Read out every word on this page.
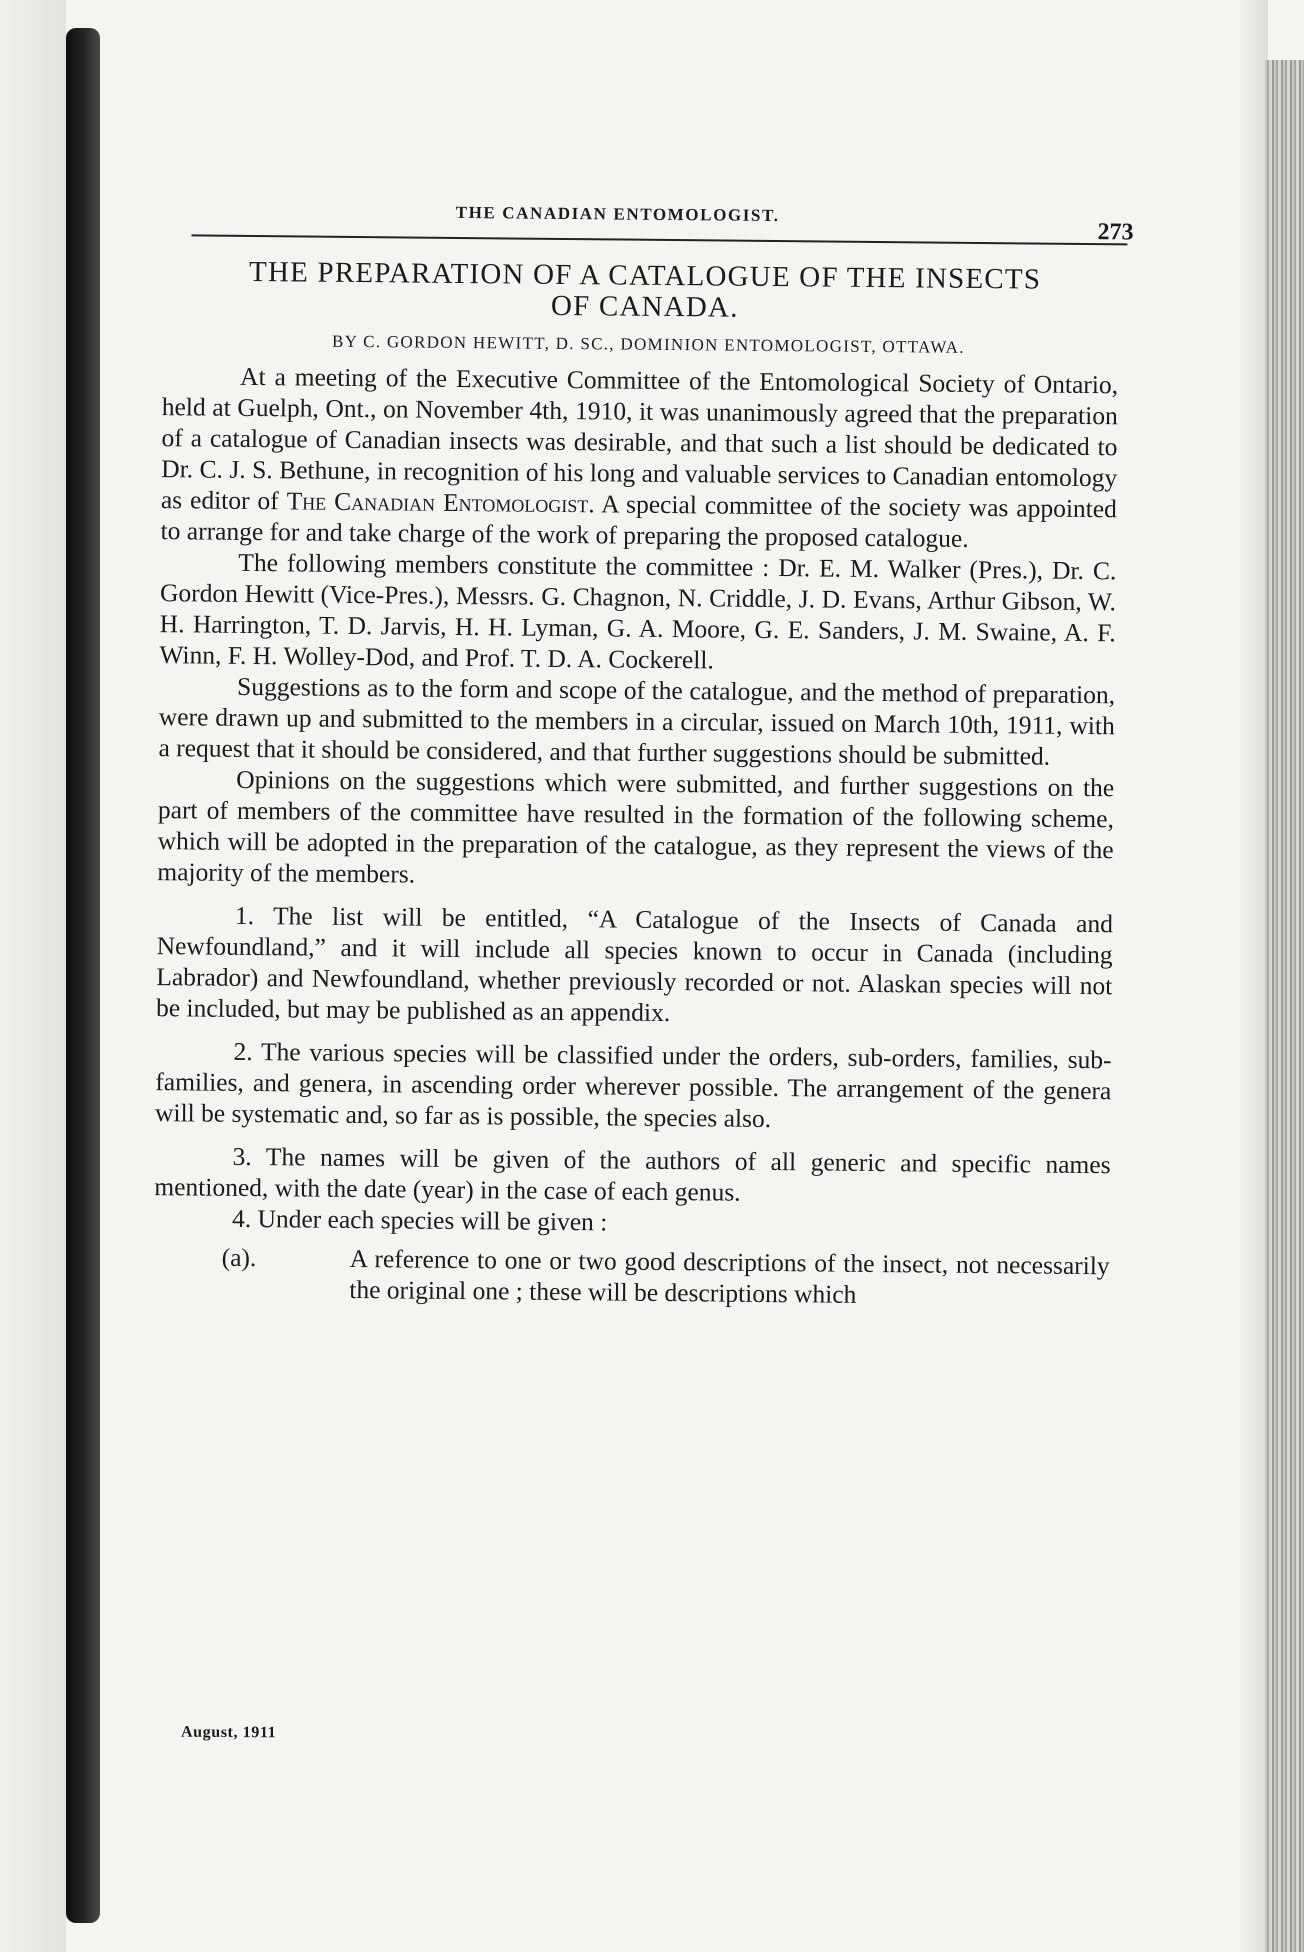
THE CANADIAN ENTOMOLOGIST.
273
THE PREPARATION OF A CATALOGUE OF THE INSECTS
OF CANADA.
BY C. GORDON HEWITT, D. SC., DOMINION ENTOMOLOGIST, OTTAWA.

At a meeting of the Executive Committee of the Entomological Society of Ontario, held at Guelph, Ont., on November 4th, 1910, it was unanimously agreed that the preparation of a catalogue of Canadian insects was desirable, and that such a list should be dedicated to Dr. C. J. S. Bethune, in recognition of his long and valuable services to Canadian entomology as editor of The Canadian Entomologist. A special committee of the society was appointed to arrange for and take charge of the work of preparing the proposed catalogue.

The following members constitute the committee : Dr. E. M. Walker (Pres.), Dr. C. Gordon Hewitt (Vice-Pres.), Messrs. G. Chagnon, N. Criddle, J. D. Evans, Arthur Gibson, W. H. Harrington, T. D. Jarvis, H. H. Lyman, G. A. Moore, G. E. Sanders, J. M. Swaine, A. F. Winn, F. H. Wolley-Dod, and Prof. T. D. A. Cockerell.

Suggestions as to the form and scope of the catalogue, and the method of preparation, were drawn up and submitted to the members in a circular, issued on March 10th, 1911, with a request that it should be considered, and that further suggestions should be submitted.

Opinions on the suggestions which were submitted, and further suggestions on the part of members of the committee have resulted in the formation of the following scheme, which will be adopted in the preparation of the catalogue, as they represent the views of the majority of the members.

1. The list will be entitled, “A Catalogue of the Insects of Canada and Newfoundland,” and it will include all species known to occur in Canada (including Labrador) and Newfoundland, whether previously recorded or not. Alaskan species will not be included, but may be published as an appendix.

2. The various species will be classified under the orders, sub-orders, families, sub-families, and genera, in ascending order wherever possible. The arrangement of the genera will be systematic and, so far as is possible, the species also.

3. The names will be given of the authors of all generic and specific names mentioned, with the date (year) in the case of each genus.

4. Under each species will be given :

(a).	A reference to one or two good descriptions of the insect, not necessarily the original one ; these will be descriptions which

August, 1911
